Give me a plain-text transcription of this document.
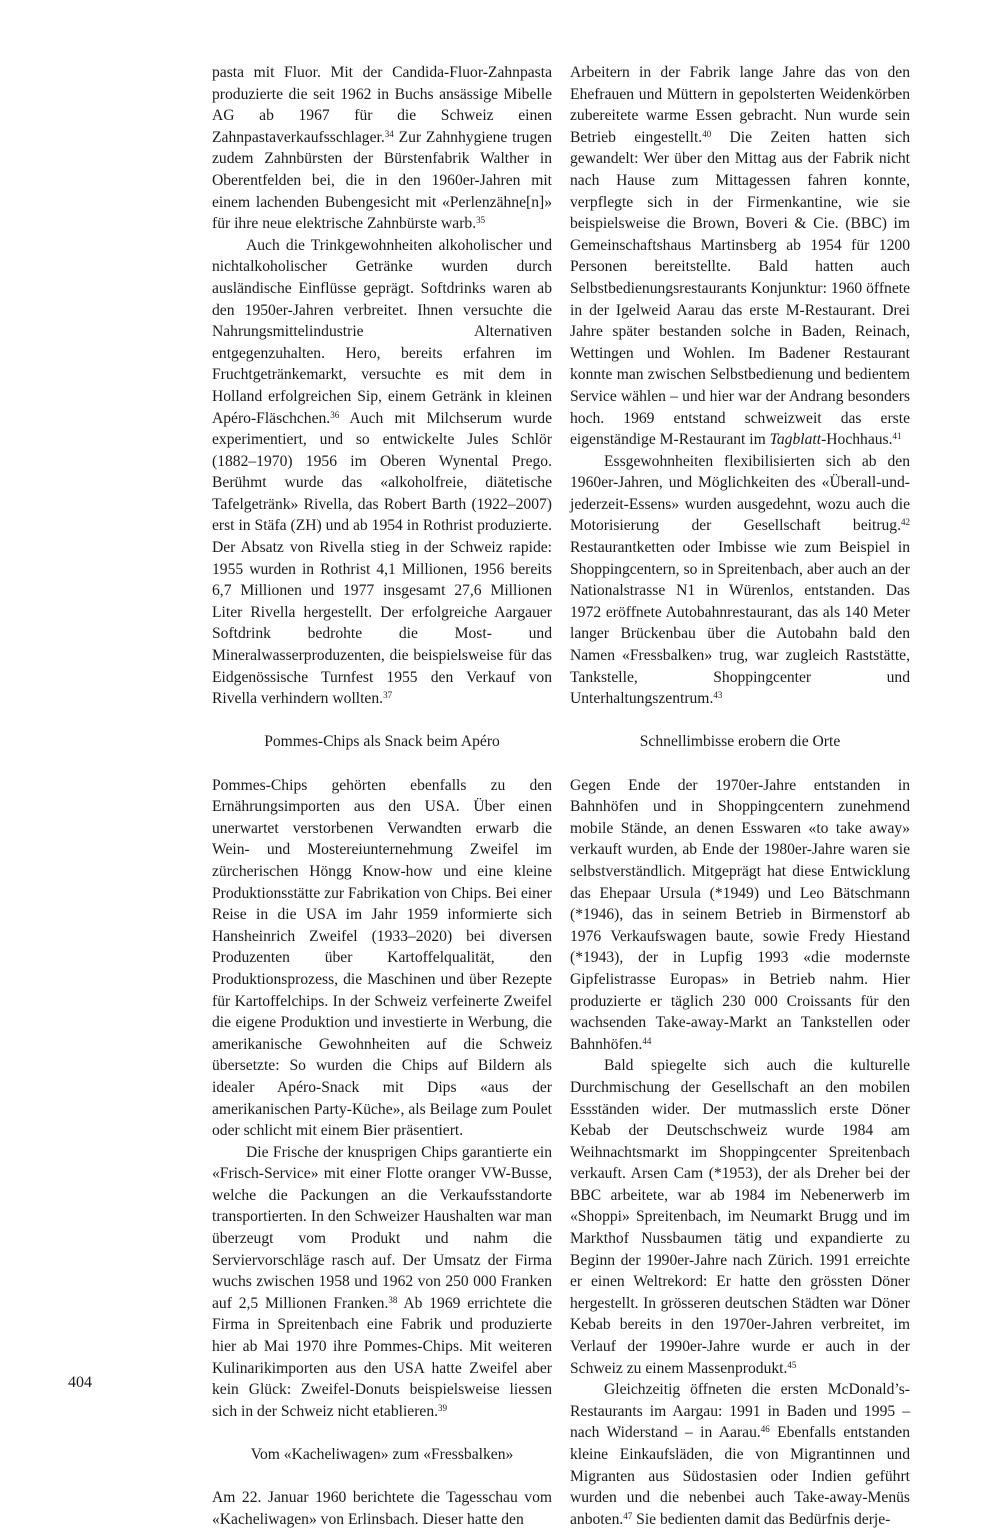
pasta mit Fluor. Mit der Candida-Fluor-Zahnpasta produzierte die seit 1962 in Buchs ansässige Mibelle AG ab 1967 für die Schweiz einen Zahnpastaverkaufsschlager.$^{34}$ Zur Zahnhygiene trugen zudem Zahnbürsten der Bürstenfabrik Walther in Oberentfelden bei, die in den 1960er-Jahren mit einem lachenden Bubengesicht mit «Perlenzähne[n]» für ihre neue elektrische Zahnbürste warb.$^{35}$

Auch die Trinkgewohnheiten alkoholischer und nichtalkoholischer Getränke wurden durch ausländische Einflüsse geprägt. Softdrinks waren ab den 1950er-Jahren verbreitet. Ihnen versuchte die Nahrungsmittelindustrie Alternativen entgegenzuhalten. Hero, bereits erfahren im Fruchtgetränkemarkt, versuchte es mit dem in Holland erfolgreichen Sip, einem Getränk in kleinen Apéro-Fläschchen.$^{36}$ Auch mit Milchserum wurde experimentiert, und so entwickelte Jules Schlör (1882–1970) 1956 im Oberen Wynental Prego. Berühmt wurde das «alkoholfreie, diätetische Tafelgetränk» Rivella, das Robert Barth (1922–2007) erst in Stäfa (ZH) und ab 1954 in Rothrist produzierte. Der Absatz von Rivella stieg in der Schweiz rapide: 1955 wurden in Rothrist 4,1 Millionen, 1956 bereits 6,7 Millionen und 1977 insgesamt 27,6 Millionen Liter Rivella hergestellt. Der erfolgreiche Aargauer Softdrink bedrohte die Most- und Mineralwasserproduzenten, die beispielsweise für das Eidgenössische Turnfest 1955 den Verkauf von Rivella verhindern wollten.$^{37}$

Pommes-Chips als Snack beim Apéro

Pommes-Chips gehörten ebenfalls zu den Ernährungsimporten aus den USA. Über einen unerwartet verstorbenen Verwandten erwarb die Wein- und Mostereiunternehmung Zweifel im zürcherischen Höngg Know-how und eine kleine Produktionsstätte zur Fabrikation von Chips. Bei einer Reise in die USA im Jahr 1959 informierte sich Hansheinrich Zweifel (1933–2020) bei diversen Produzenten über Kartoffelqualität, den Produktionsprozess, die Maschinen und über Rezepte für Kartoffelchips. In der Schweiz verfeinerte Zweifel die eigene Produktion und investierte in Werbung, die amerikanische Gewohnheiten auf die Schweiz übersetzte: So wurden die Chips auf Bildern als idealer Apéro-Snack mit Dips «aus der amerikanischen Party-Küche», als Beilage zum Poulet oder schlicht mit einem Bier präsentiert.

Die Frische der knusprigen Chips garantierte ein «Frisch-Service» mit einer Flotte oranger VW-Busse, welche die Packungen an die Verkaufsstandorte transportierten. In den Schweizer Haushalten war man überzeugt vom Produkt und nahm die Serviervorschläge rasch auf. Der Umsatz der Firma wuchs zwischen 1958 und 1962 von 250 000 Franken auf 2,5 Millionen Franken.$^{38}$ Ab 1969 errichtete die Firma in Spreitenbach eine Fabrik und produzierte hier ab Mai 1970 ihre Pommes-Chips. Mit weiteren Kulinarikimporten aus den USA hatte Zweifel aber kein Glück: Zweifel-Donuts beispielsweise liessen sich in der Schweiz nicht etablieren.$^{39}$

Vom «Kacheliwagen» zum «Fressbalken»

Am 22. Januar 1960 berichtete die Tagesschau vom «Kacheliwagen» von Erlinsbach. Dieser hatte den

Arbeitern in der Fabrik lange Jahre das von den Ehefrauen und Müttern in gepolsterten Weidenkörben zubereitete warme Essen gebracht. Nun wurde sein Betrieb eingestellt.$^{40}$ Die Zeiten hatten sich gewandelt: Wer über den Mittag aus der Fabrik nicht nach Hause zum Mittagessen fahren konnte, verpflegte sich in der Firmenkantine, wie sie beispielsweise die Brown, Boveri & Cie. (BBC) im Gemeinschaftshaus Martinsberg ab 1954 für 1200 Personen bereitstellte. Bald hatten auch Selbstbedienungsrestaurants Konjunktur: 1960 öffnete in der Igelweid Aarau das erste M-Restaurant. Drei Jahre später bestanden solche in Baden, Reinach, Wettingen und Wohlen. Im Badener Restaurant konnte man zwischen Selbstbedienung und bedientem Service wählen – und hier war der Andrang besonders hoch. 1969 entstand schweizweit das erste eigenständige M-Restaurant im Tagblatt-Hochhaus.$^{41}$

Essgewohnheiten flexibilisierten sich ab den 1960er-Jahren, und Möglichkeiten des «Überall-und-jederzeit-Essens» wurden ausgedehnt, wozu auch die Motorisierung der Gesellschaft beitrug.$^{42}$ Restaurantketten oder Imbisse wie zum Beispiel in Shoppingcentern, so in Spreitenbach, aber auch an der Nationalstrasse N1 in Würenlos, entstanden. Das 1972 eröffnete Autobahnrestaurant, das als 140 Meter langer Brückenbau über die Autobahn bald den Namen «Fressbalken» trug, war zugleich Raststätte, Tankstelle, Shoppingcenter und Unterhaltungszentrum.$^{43}$

Schnellimbisse erobern die Orte

Gegen Ende der 1970er-Jahre entstanden in Bahnhöfen und in Shoppingcentern zunehmend mobile Stände, an denen Esswaren «to take away» verkauft wurden, ab Ende der 1980er-Jahre waren sie selbstverständlich. Mitgeprägt hat diese Entwicklung das Ehepaar Ursula (*1949) und Leo Bätschmann (*1946), das in seinem Betrieb in Birmenstorf ab 1976 Verkaufswagen baute, sowie Fredy Hiestand (*1943), der in Lupfig 1993 «die modernste Gipfelistrasse Europas» in Betrieb nahm. Hier produzierte er täglich 230 000 Croissants für den wachsenden Take-away-Markt an Tankstellen oder Bahnhöfen.$^{44}$

Bald spiegelte sich auch die kulturelle Durchmischung der Gesellschaft an den mobilen Essständen wider. Der mutmasslich erste Döner Kebab der Deutschschweiz wurde 1984 am Weihnachtsmarkt im Shoppingcenter Spreitenbach verkauft. Arsen Cam (*1953), der als Dreher bei der BBC arbeitete, war ab 1984 im Nebenerwerb im «Shoppi» Spreitenbach, im Neumarkt Brugg und im Markthof Nussbaumen tätig und expandierte zu Beginn der 1990er-Jahre nach Zürich. 1991 erreichte er einen Weltrekord: Er hatte den grössten Döner hergestellt. In grösseren deutschen Städten war Döner Kebab bereits in den 1970er-Jahren verbreitet, im Verlauf der 1990er-Jahre wurde er auch in der Schweiz zu einem Massenprodukt.$^{45}$

Gleichzeitig öffneten die ersten McDonald’s-Restaurants im Aargau: 1991 in Baden und 1995 – nach Widerstand – in Aarau.$^{46}$ Ebenfalls entstanden kleine Einkaufsläden, die von Migrantinnen und Migranten aus Südostasien oder Indien geführt wurden und die nebenbei auch Take-away-Menüs anboten.$^{47}$ Sie bedienten damit das Bedürfnis derje-

404
